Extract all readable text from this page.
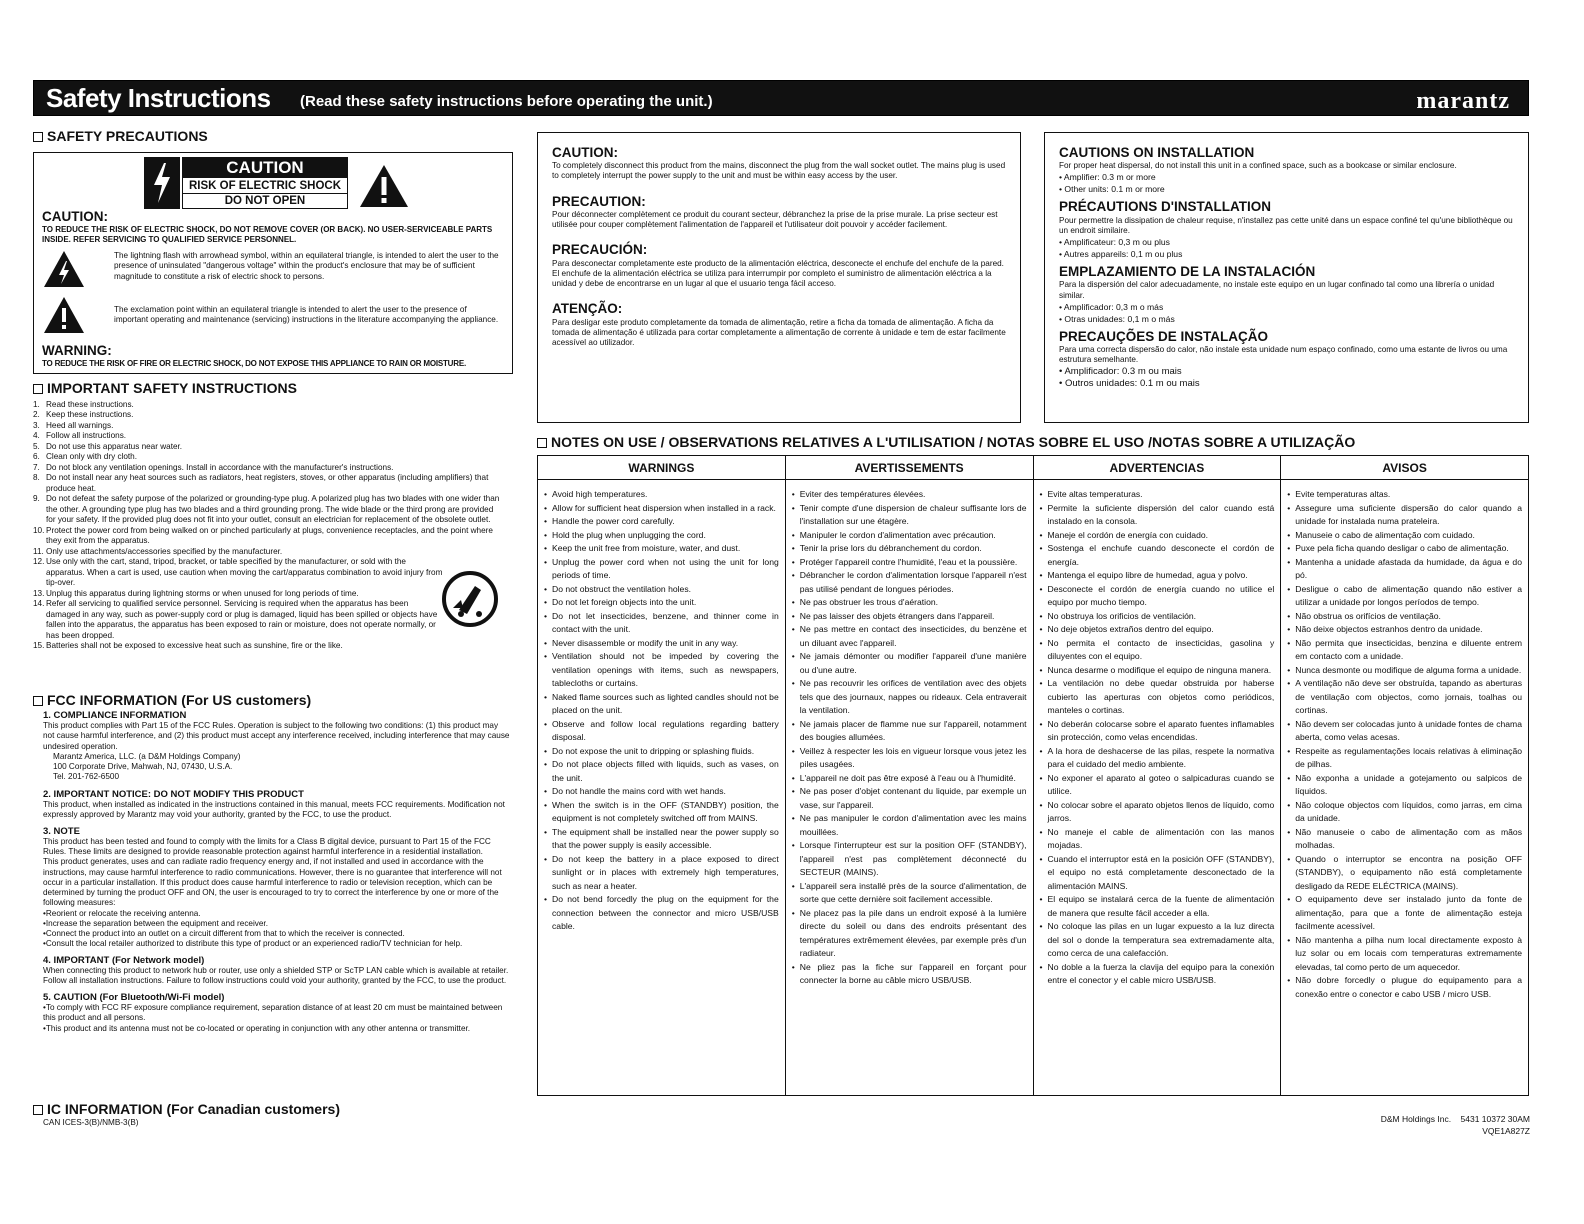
Safety Instructions (Read these safety instructions before operating the unit.)	marantz
SAFETY PRECAUTIONS
CAUTION
RISK OF ELECTRIC SHOCK
DO NOT OPEN
CAUTION:
TO REDUCE THE RISK OF ELECTRIC SHOCK, DO NOT REMOVE COVER (OR BACK). NO USER-SERVICEABLE PARTS INSIDE. REFER SERVICING TO QUALIFIED SERVICE PERSONNEL.
The lightning flash with arrowhead symbol, within an equilateral triangle, is intended to alert the user to the presence of uninsulated "dangerous voltage" within the product's enclosure that may be of sufficient magnitude to constitute a risk of electric shock to persons.
The exclamation point within an equilateral triangle is intended to alert the user to the presence of important operating and maintenance (servicing) instructions in the literature accompanying the appliance.
WARNING:
TO REDUCE THE RISK OF FIRE OR ELECTRIC SHOCK, DO NOT EXPOSE THIS APPLIANCE TO RAIN OR MOISTURE.
IMPORTANT SAFETY INSTRUCTIONS
1. Read these instructions.
2. Keep these instructions.
3. Heed all warnings.
4. Follow all instructions.
5. Do not use this apparatus near water.
6. Clean only with dry cloth.
7. Do not block any ventilation openings. Install in accordance with the manufacturer's instructions.
8. Do not install near any heat sources such as radiators, heat registers, stoves, or other apparatus (including amplifiers) that produce heat.
9. Do not defeat the safety purpose of the polarized or grounding-type plug. A polarized plug has two blades with one wider than the other. A grounding type plug has two blades and a third grounding prong. The wide blade or the third prong are provided for your safety. If the provided plug does not fit into your outlet, consult an electrician for replacement of the obsolete outlet.
10. Protect the power cord from being walked on or pinched particularly at plugs, convenience receptacles, and the point where they exit from the apparatus.
11. Only use attachments/accessories specified by the manufacturer.
12. Use only with the cart, stand, tripod, bracket, or table specified by the manufacturer, or sold with the apparatus. When a cart is used, use caution when moving the cart/apparatus combination to avoid injury from tip-over.
13. Unplug this apparatus during lightning storms or when unused for long periods of time.
14. Refer all servicing to qualified service personnel. Servicing is required when the apparatus has been damaged in any way, such as power-supply cord or plug is damaged, liquid has been spilled or objects have fallen into the apparatus, the apparatus has been exposed to rain or moisture, does not operate normally, or has been dropped.
15. Batteries shall not be exposed to excessive heat such as sunshine, fire or the like.
FCC INFORMATION (For US customers)
1. COMPLIANCE INFORMATION
This product complies with Part 15 of the FCC Rules. Operation is subject to the following two conditions: (1) this product may not cause harmful interference, and (2) this product must accept any interference received, including interference that may cause undesired operation.
Marantz America, LLC. (a D&M Holdings Company)
100 Corporate Drive, Mahwah, NJ, 07430, U.S.A.
Tel. 201-762-6500
2. IMPORTANT NOTICE: DO NOT MODIFY THIS PRODUCT
This product, when installed as indicated in the instructions contained in this manual, meets FCC requirements. Modification not expressly approved by Marantz may void your authority, granted by the FCC, to use the product.
3. NOTE
This product has been tested and found to comply with the limits for a Class B digital device, pursuant to Part 15 of the FCC Rules. These limits are designed to provide reasonable protection against harmful interference in a residential installation.
This product generates, uses and can radiate radio frequency energy and, if not installed and used in accordance with the instructions, may cause harmful interference to radio communications. However, there is no guarantee that interference will not occur in a particular installation. If this product does cause harmful interference to radio or television reception, which can be determined by turning the product OFF and ON, the user is encouraged to try to correct the interference by one or more of the following measures:
•Reorient or relocate the receiving antenna.
•Increase the separation between the equipment and receiver.
•Connect the product into an outlet on a circuit different from that to which the receiver is connected.
•Consult the local retailer authorized to distribute this type of product or an experienced radio/TV technician for help.
4. IMPORTANT (For Network model)
When connecting this product to network hub or router, use only a shielded STP or ScTP LAN cable which is available at retailer.
Follow all installation instructions. Failure to follow instructions could void your authority, granted by the FCC, to use the product.
5. CAUTION (For Bluetooth/Wi-Fi model)
•To comply with FCC RF exposure compliance requirement, separation distance of at least 20 cm must be maintained between this product and all persons.
•This product and its antenna must not be co-located or operating in conjunction with any other antenna or transmitter.
IC INFORMATION (For Canadian customers)
CAN ICES-3(B)/NMB-3(B)
CAUTION:
To completely disconnect this product from the mains, disconnect the plug from the wall socket outlet. The mains plug is used to completely interrupt the power supply to the unit and must be within easy access by the user.
PRECAUTION:
Pour déconnecter complètement ce produit du courant secteur, débranchez la prise de la prise murale. La prise secteur est utilisée pour couper complètement l'alimentation de l'appareil et l'utilisateur doit pouvoir y accéder facilement.
PRECAUCIÓN:
Para desconectar completamente este producto de la alimentación eléctrica, desconecte el enchufe del enchufe de la pared. El enchufe de la alimentación eléctrica se utiliza para interrumpir por completo el suministro de alimentación eléctrica a la unidad y debe de encontrarse en un lugar al que el usuario tenga fácil acceso.
ATENÇÃO:
Para desligar este produto completamente da tomada de alimentação, retire a ficha da tomada de alimentação. A ficha da tomada de alimentação é utilizada para cortar completamente a alimentação de corrente à unidade e tem de estar facilmente acessível ao utilizador.
CAUTIONS ON INSTALLATION
For proper heat dispersal, do not install this unit in a confined space, such as a bookcase or similar enclosure.
• Amplifier: 0.3 m or more
• Other units: 0.1 m or more
PRÉCAUTIONS D'INSTALLATION
Pour permettre la dissipation de chaleur requise, n'installez pas cette unité dans un espace confiné tel qu'une bibliothèque ou un endroit similaire.
• Amplificateur: 0,3 m ou plus
• Autres appareils: 0,1 m ou plus
EMPLAZAMIENTO DE LA INSTALACIÓN
Para la dispersión del calor adecuadamente, no instale este equipo en un lugar confinado tal como una librería o unidad similar.
• Amplificador: 0,3 m o más
• Otras unidades: 0,1 m o más
PRECAUÇÕES DE INSTALAÇÃO
Para uma correcta dispersão do calor, não instale esta unidade num espaço confinado, como uma estante de livros ou uma estrutura semelhante.
• Amplificador: 0.3 m ou mais
• Outros unidades: 0.1 m ou mais
NOTES ON USE / OBSERVATIONS RELATIVES A L'UTILISATION / NOTAS SOBRE EL USO /NOTAS SOBRE A UTILIZAÇÃO
WARNINGS
• Avoid high temperatures.
• Allow for sufficient heat dispersion when installed in a rack.
• Handle the power cord carefully.
• Hold the plug when unplugging the cord.
• Keep the unit free from moisture, water, and dust.
• Unplug the power cord when not using the unit for long periods of time.
• Do not obstruct the ventilation holes.
• Do not let foreign objects into the unit.
• Do not let insecticides, benzene, and thinner come in contact with the unit.
• Never disassemble or modify the unit in any way.
• Ventilation should not be impeded by covering the ventilation openings with items, such as newspapers, tablecloths or curtains.
• Naked flame sources such as lighted candles should not be placed on the unit.
• Observe and follow local regulations regarding battery disposal.
• Do not expose the unit to dripping or splashing fluids.
• Do not place objects filled with liquids, such as vases, on the unit.
• Do not handle the mains cord with wet hands.
• When the switch is in the OFF (STANDBY) position, the equipment is not completely switched off from MAINS.
• The equipment shall be installed near the power supply so that the power supply is easily accessible.
• Do not keep the battery in a place exposed to direct sunlight or in places with extremely high temperatures, such as near a heater.
• Do not bend forcedly the plug on the equipment for the connection between the connector and micro USB/USB cable.
AVERTISSEMENTS
• Eviter des températures élevées.
• Tenir compte d'une dispersion de chaleur suffisante lors de l'installation sur une étagère.
• Manipuler le cordon d'alimentation avec précaution.
• Tenir la prise lors du débranchement du cordon.
• Protéger l'appareil contre l'humidité, l'eau et la poussière.
• Débrancher le cordon d'alimentation lorsque l'appareil n'est pas utilisé pendant de longues périodes.
• Ne pas obstruer les trous d'aération.
• Ne pas laisser des objets étrangers dans l'appareil.
• Ne pas mettre en contact des insecticides, du benzène et un diluant avec l'appareil.
• Ne jamais démonter ou modifier l'appareil d'une manière ou d'une autre.
• Ne pas recouvrir les orifices de ventilation avec des objets tels que des journaux, nappes ou rideaux. Cela entraverait la ventilation.
• Ne jamais placer de flamme nue sur l'appareil, notamment des bougies allumées.
• Veillez à respecter les lois en vigueur lorsque vous jetez les piles usagées.
• L'appareil ne doit pas être exposé à l'eau ou à l'humidité.
• Ne pas poser d'objet contenant du liquide, par exemple un vase, sur l'appareil.
• Ne pas manipuler le cordon d'alimentation avec les mains mouillées.
• Lorsque l'interrupteur est sur la position OFF (STANDBY), l'appareil n'est pas complètement déconnecté du SECTEUR (MAINS).
• L'appareil sera installé près de la source d'alimentation, de sorte que cette dernière soit facilement accessible.
• Ne placez pas la pile dans un endroit exposé à la lumière directe du soleil ou dans des endroits présentant des températures extrêmement élevées, par exemple près d'un radiateur.
• Ne pliez pas la fiche sur l'appareil en forçant pour connecter la borne au câble micro USB/USB.
ADVERTENCIAS
• Evite altas temperaturas.
• Permite la suficiente dispersión del calor cuando está instalado en la consola.
• Maneje el cordón de energía con cuidado.
• Sostenga el enchufe cuando desconecte el cordón de energía.
• Mantenga el equipo libre de humedad, agua y polvo.
• Desconecte el cordón de energía cuando no utilice el equipo por mucho tiempo.
• No obstruya los orificios de ventilación.
• No deje objetos extraños dentro del equipo.
• No permita el contacto de insecticidas, gasolina y diluyentes con el equipo.
• Nunca desarme o modifique el equipo de ninguna manera.
• La ventilación no debe quedar obstruida por haberse cubierto las aperturas con objetos como periódicos, manteles o cortinas.
• No deberán colocarse sobre el aparato fuentes inflamables sin protección, como velas encendidas.
• A la hora de deshacerse de las pilas, respete la normativa para el cuidado del medio ambiente.
• No exponer el aparato al goteo o salpicaduras cuando se utilice.
• No colocar sobre el aparato objetos llenos de líquido, como jarros.
• No maneje el cable de alimentación con las manos mojadas.
• Cuando el interruptor está en la posición OFF (STANDBY), el equipo no está completamente desconectado de la alimentación MAINS.
• El equipo se instalará cerca de la fuente de alimentación de manera que resulte fácil acceder a ella.
• No coloque las pilas en un lugar expuesto a la luz directa del sol o donde la temperatura sea extremadamente alta, como cerca de una calefacción.
• No doble a la fuerza la clavija del equipo para la conexión entre el conector y el cable micro USB/USB.
AVISOS
• Evite temperaturas altas.
• Assegure uma suficiente dispersão do calor quando a unidade for instalada numa prateleira.
• Manuseie o cabo de alimentação com cuidado.
• Puxe pela ficha quando desligar o cabo de alimentação.
• Mantenha a unidade afastada da humidade, da água e do pó.
• Desligue o cabo de alimentação quando não estiver a utilizar a unidade por longos períodos de tempo.
• Não obstrua os orifícios de ventilação.
• Não deixe objectos estranhos dentro da unidade.
• Não permita que insecticidas, benzina e diluente entrem em contacto com a unidade.
• Nunca desmonte ou modifique de alguma forma a unidade.
• A ventilação não deve ser obstruída, tapando as aberturas de ventilação com objectos, como jornais, toalhas ou cortinas.
• Não devem ser colocadas junto à unidade fontes de chama aberta, como velas acesas.
• Respeite as regulamentações locais relativas à eliminação de pilhas.
• Não exponha a unidade a gotejamento ou salpicos de líquidos.
• Não coloque objectos com líquidos, como jarras, em cima da unidade.
• Não manuseie o cabo de alimentação com as mãos molhadas.
• Quando o interruptor se encontra na posição OFF (STANDBY), o equipamento não está completamente desligado da REDE ELÉCTRICA (MAINS).
• O equipamento deve ser instalado junto da fonte de alimentação, para que a fonte de alimentação esteja facilmente acessível.
• Não mantenha a pilha num local directamente exposto à luz solar ou em locais com temperaturas extremamente elevadas, tal como perto de um aquecedor.
• Não dobre forcedly o plugue do equipamento para a conexão entre o conector e cabo USB / micro USB.
D&M Holdings Inc.    5431 10372 30AM
VQE1A827Z
